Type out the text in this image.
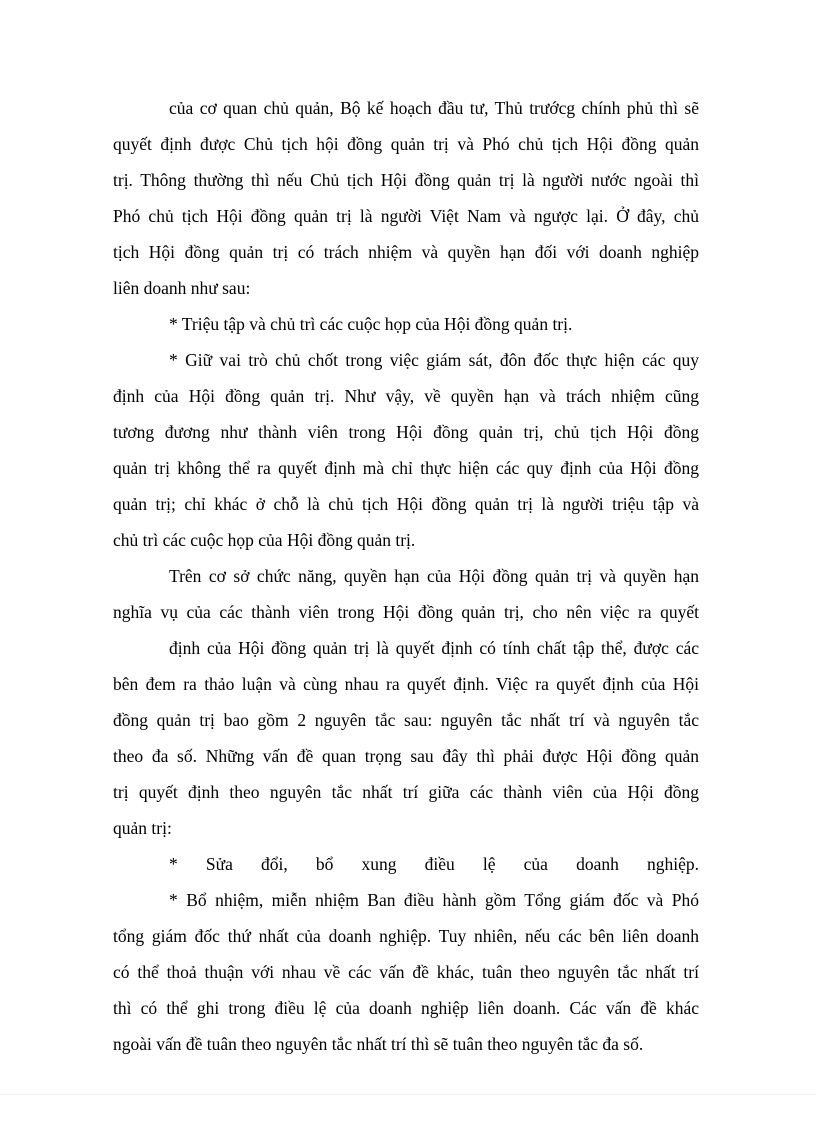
của cơ quan chủ quản, Bộ kế hoạch đầu tư, Thủ trướcg chính phủ thì sẽ
quyết định được Chủ tịch hội đồng quản trị và Phó chủ tịch Hội đồng quản
trị. Thông thường thì nếu Chủ tịch Hội đồng quản trị là người nước ngoài thì
Phó chủ tịch Hội đồng quản trị là người Việt Nam và ngược lại. Ở đây, chủ
tịch Hội đồng quản trị có trách nhiệm và quyền hạn đối với doanh nghiệp
liên doanh như sau:
* Triệu tập và chủ trì các cuộc họp của Hội đồng quản trị.
* Giữ vai trò chủ chốt trong việc giám sát, đôn đốc thực hiện các quy
định của Hội đồng quản trị. Như vậy, về quyền hạn và trách nhiệm cũng
tương đương như thành viên trong Hội đồng quản trị, chủ tịch Hội đồng
quản trị không thể ra quyết định mà chỉ thực hiện các quy định của Hội đồng
quản trị; chỉ khác ở chỗ là chủ tịch Hội đồng quản trị là người triệu tập và
chủ trì các cuộc họp của Hội đồng quản trị.
Trên cơ sở chức năng, quyền hạn của Hội đồng quản trị và quyền hạn
nghĩa vụ của các thành viên trong Hội đồng quản trị, cho nên việc ra quyết
định của Hội đồng quản trị là quyết định có tính chất tập thể, được các
bên đem ra thảo luận và cùng nhau ra quyết định. Việc ra quyết định của Hội
đồng quản trị bao gồm 2 nguyên tắc sau: nguyên tắc nhất trí và nguyên tắc
theo đa số. Những vấn đề quan trọng sau đây thì phải được Hội đồng quản
trị quyết định theo nguyên tắc nhất trí giữa các thành viên của Hội đồng
quản trị:
* Sửa đổi, bổ xung điều lệ của doanh nghiệp.
* Bổ nhiệm, miễn nhiệm Ban điều hành gồm Tổng giám đốc và Phó
tổng giám đốc thứ nhất của doanh nghiệp. Tuy nhiên, nếu các bên liên doanh
có thể thoả thuận với nhau về các vấn đề khác, tuân theo nguyên tắc nhất trí
thì có thể ghi trong điều lệ của doanh nghiệp liên doanh. Các vấn đề khác
ngoài vấn đề tuân theo nguyên tắc nhất trí thì sẽ tuân theo nguyên tắc đa số.
